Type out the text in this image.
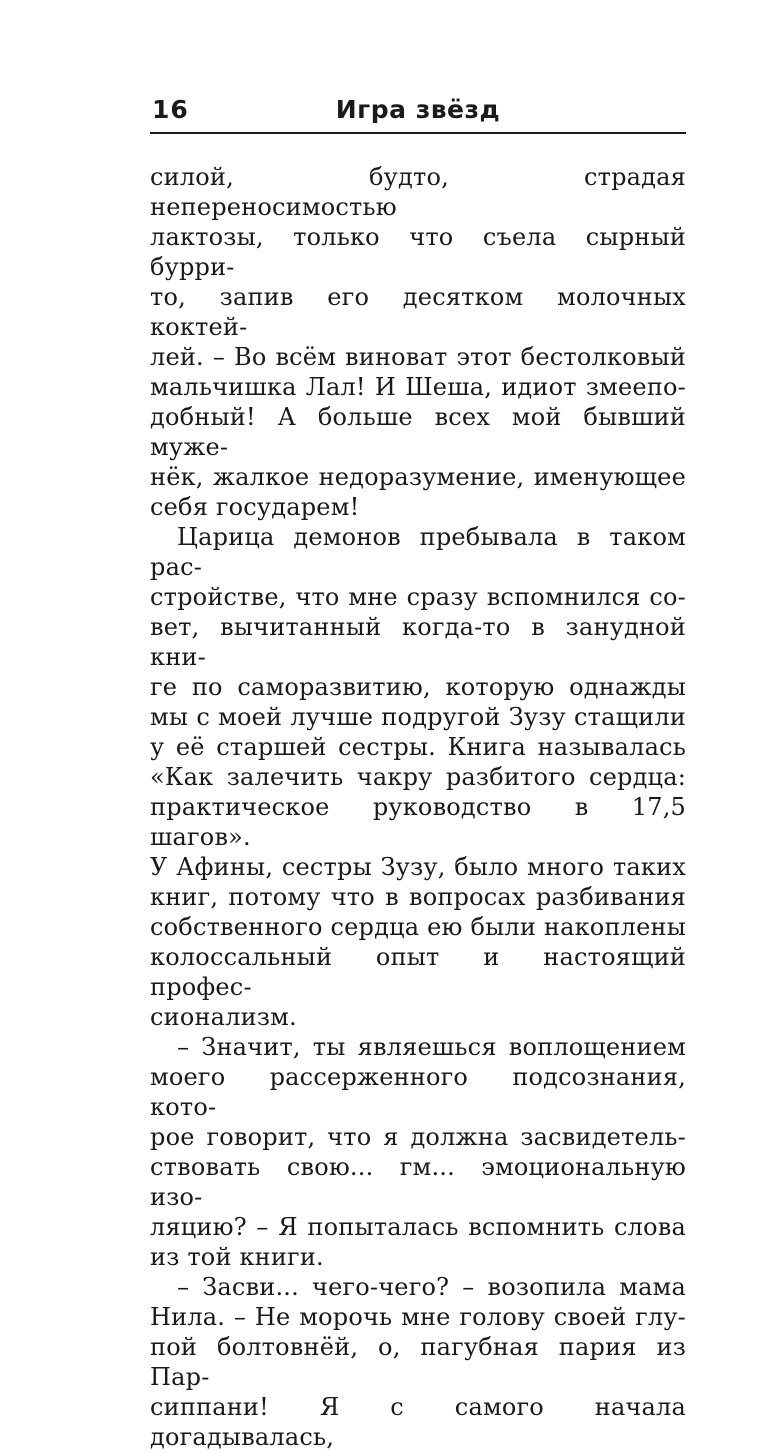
16	Игра звёзд
силой, будто, страдая непереносимостью
лактозы, только что съела сырный бурри-
то, запив его десятком молочных коктей-
лей. – Во всём виноват этот бестолковый
мальчишка Лал! И Шеша, идиот змеепо-
добный! А больше всех мой бывший муже-
нёк, жалкое недоразумение, именующее
себя государем!
Царица демонов пребывала в таком рас-
стройстве, что мне сразу вспомнился со-
вет, вычитанный когда-то в занудной кни-
ге по саморазвитию, которую однажды
мы с моей лучше подругой Зузу стащили
у её старшей сестры. Книга называлась
«Как залечить чакру разбитого сердца:
практическое руководство в 17,5 шагов».
У Афины, сестры Зузу, было много таких
книг, потому что в вопросах разбивания
собственного сердца ею были накоплены
колоссальный опыт и настоящий профес-
сионализм.
– Значит, ты являешься воплощением
моего рассерженного подсознания, кото-
рое говорит, что я должна засвидетель-
ствовать свою... гм... эмоциональную изо-
ляцию? – Я попыталась вспомнить слова
из той книги.
– Засви... чего-чего? – возопила мама
Нила. – Не морочь мне голову своей глу-
пой болтовнёй, о, пагубная пария из Пар-
сиппани! Я с самого начала догадывалась,
